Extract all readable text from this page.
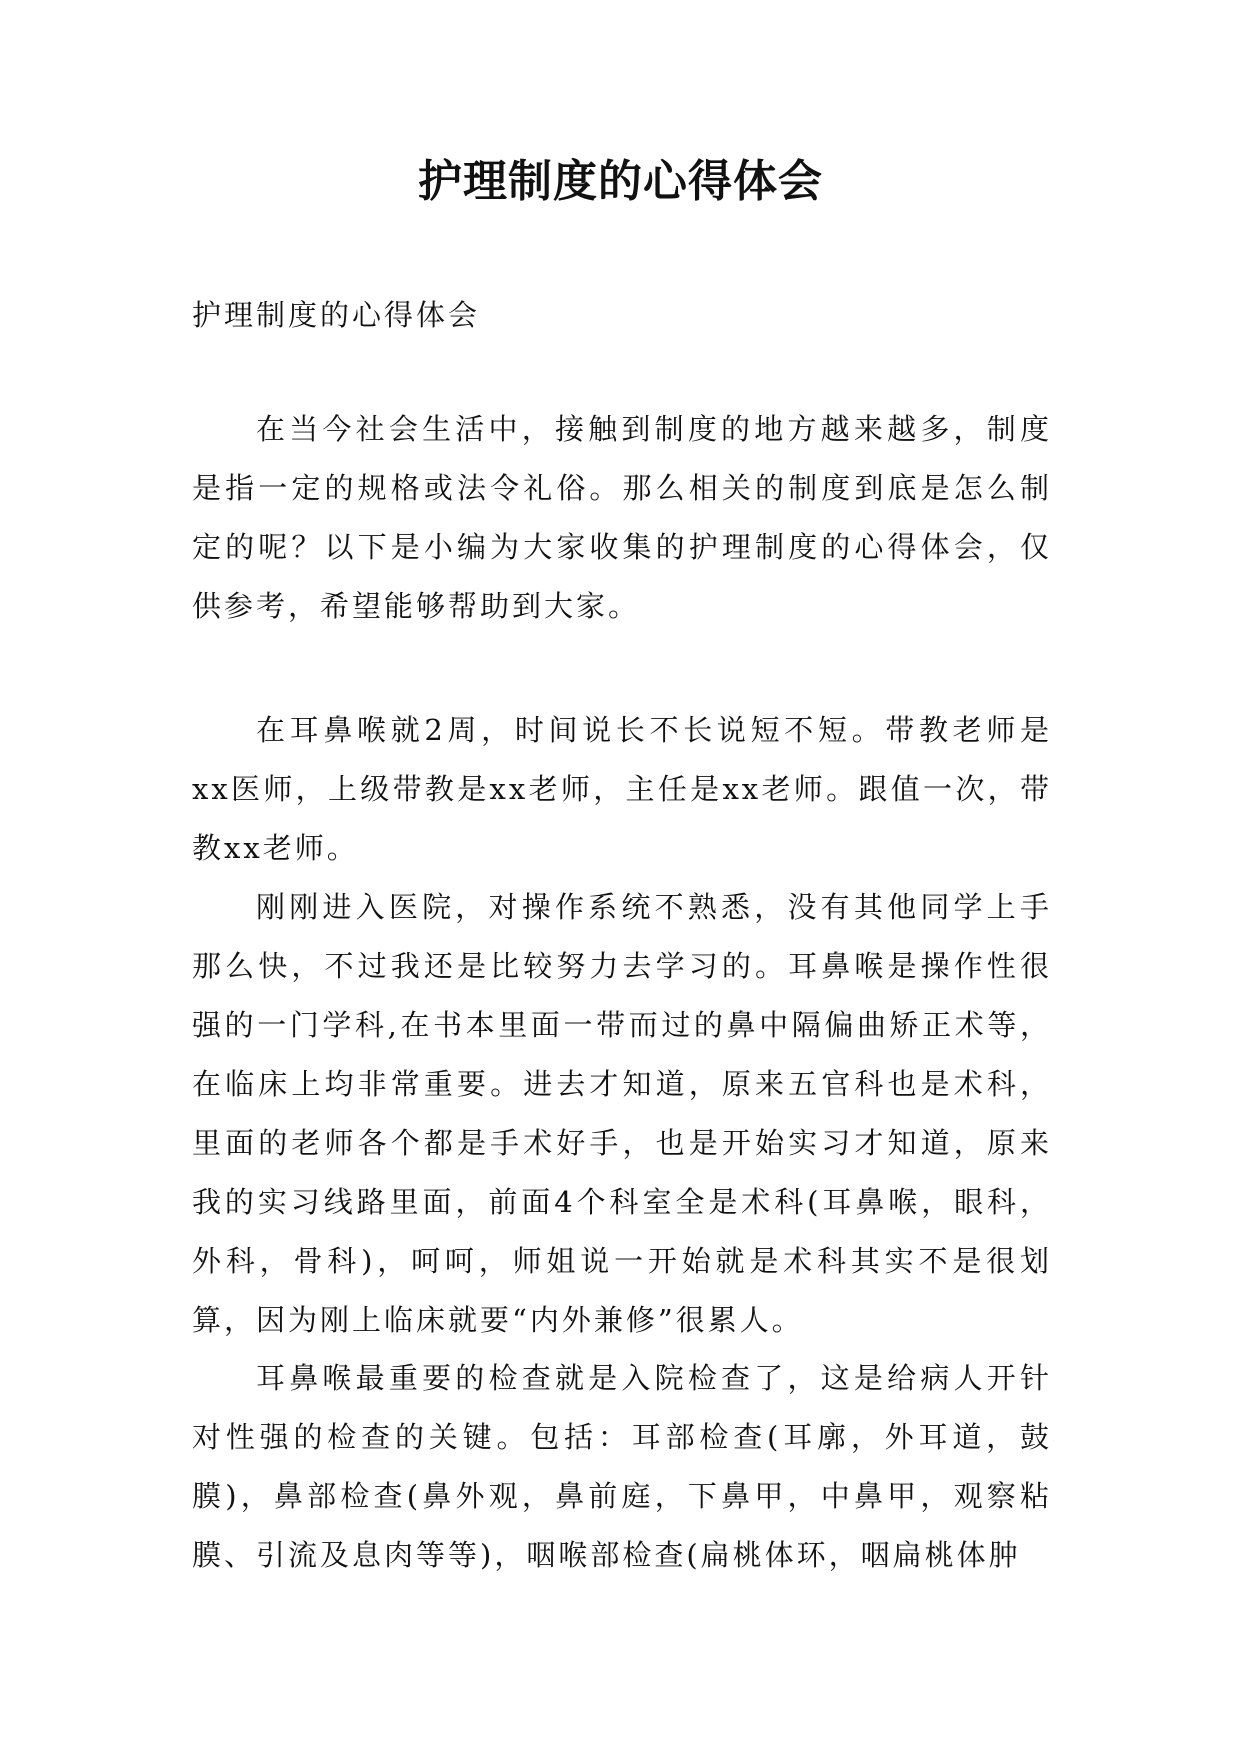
护理制度的心得体会

护理制度的心得体会

在当今社会生活中，接触到制度的地方越来越多，制度是指一定的规格或法令礼俗。那么相关的制度到底是怎么制定的呢？以下是小编为大家收集的护理制度的心得体会，仅供参考，希望能够帮助到大家。

在耳鼻喉就2周，时间说长不长说短不短。带教老师是xx医师，上级带教是xx老师，主任是xx老师。跟值一次，带教xx老师。

刚刚进入医院，对操作系统不熟悉，没有其他同学上手那么快，不过我还是比较努力去学习的。耳鼻喉是操作性很强的一门学科,在书本里面一带而过的鼻中隔偏曲矫正术等，在临床上均非常重要。进去才知道，原来五官科也是术科，里面的老师各个都是手术好手，也是开始实习才知道，原来我的实习线路里面，前面4个科室全是术科(耳鼻喉，眼科，外科，骨科)，呵呵，师姐说一开始就是术科其实不是很划算，因为刚上临床就要“内外兼修”很累人。

耳鼻喉最重要的检查就是入院检查了，这是给病人开针对性强的检查的关键。包括：耳部检查(耳廓，外耳道，鼓膜)，鼻部检查(鼻外观，鼻前庭，下鼻甲，中鼻甲，观察粘膜、引流及息肉等等)，咽喉部检查(扁桃体环，咽扁桃体肿
